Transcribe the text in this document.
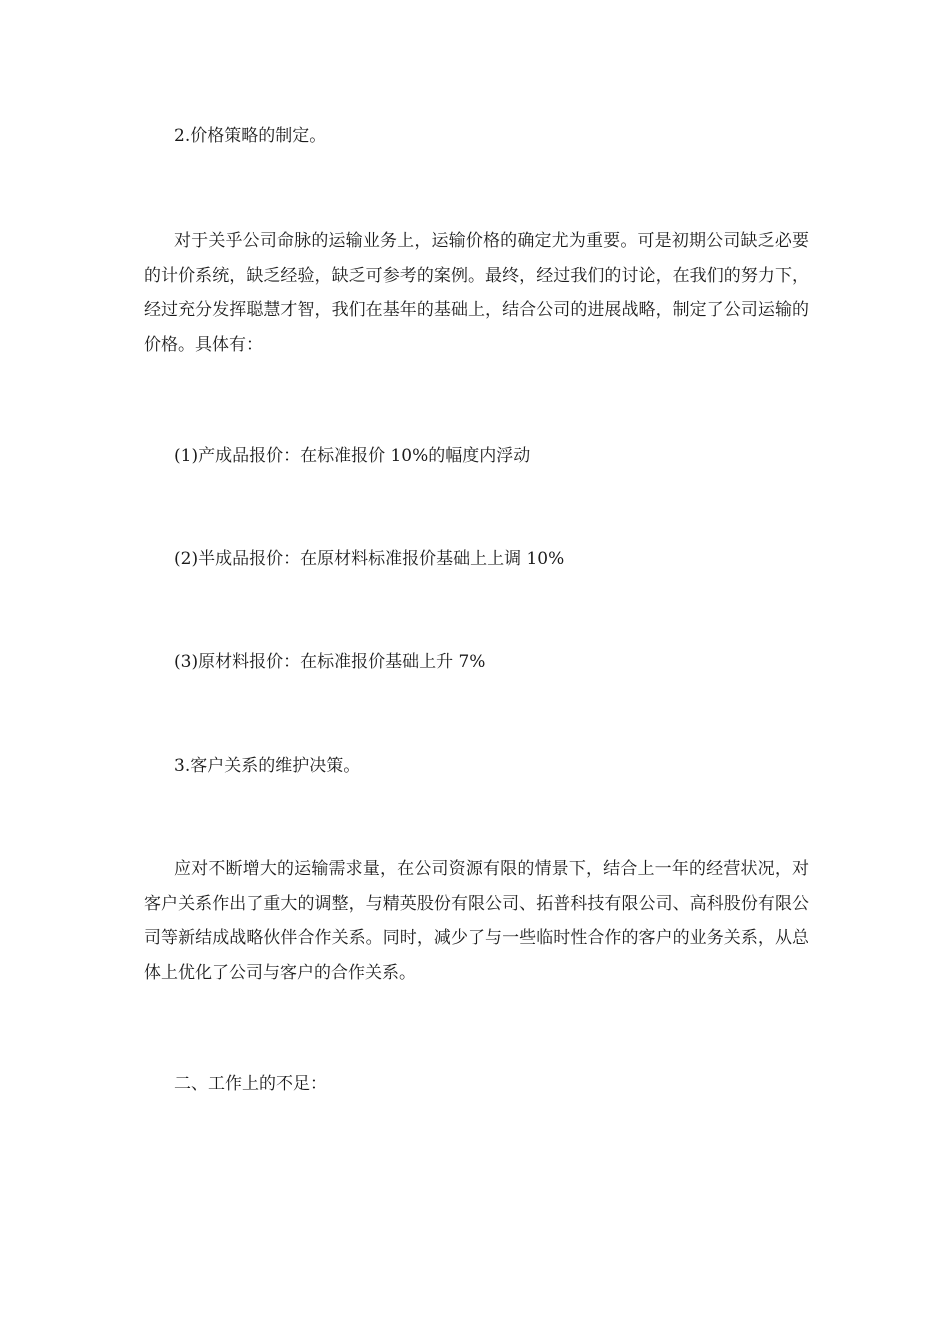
2.价格策略的制定。

对于关乎公司命脉的运输业务上，运输价格的确定尤为重要。可是初期公司缺乏必要的计价系统，缺乏经验，缺乏可参考的案例。最终，经过我们的讨论，在我们的努力下，经过充分发挥聪慧才智，我们在基年的基础上，结合公司的进展战略，制定了公司运输的价格。具体有：

(1)产成品报价：在标准报价 10%的幅度内浮动

(2)半成品报价：在原材料标准报价基础上上调 10%

(3)原材料报价：在标准报价基础上升 7%

3.客户关系的维护决策。

应对不断增大的运输需求量，在公司资源有限的情景下，结合上一年的经营状况，对客户关系作出了重大的调整，与精英股份有限公司、拓普科技有限公司、高科股份有限公司等新结成战略伙伴合作关系。同时，减少了与一些临时性合作的客户的业务关系，从总体上优化了公司与客户的合作关系。

二、工作上的不足：
